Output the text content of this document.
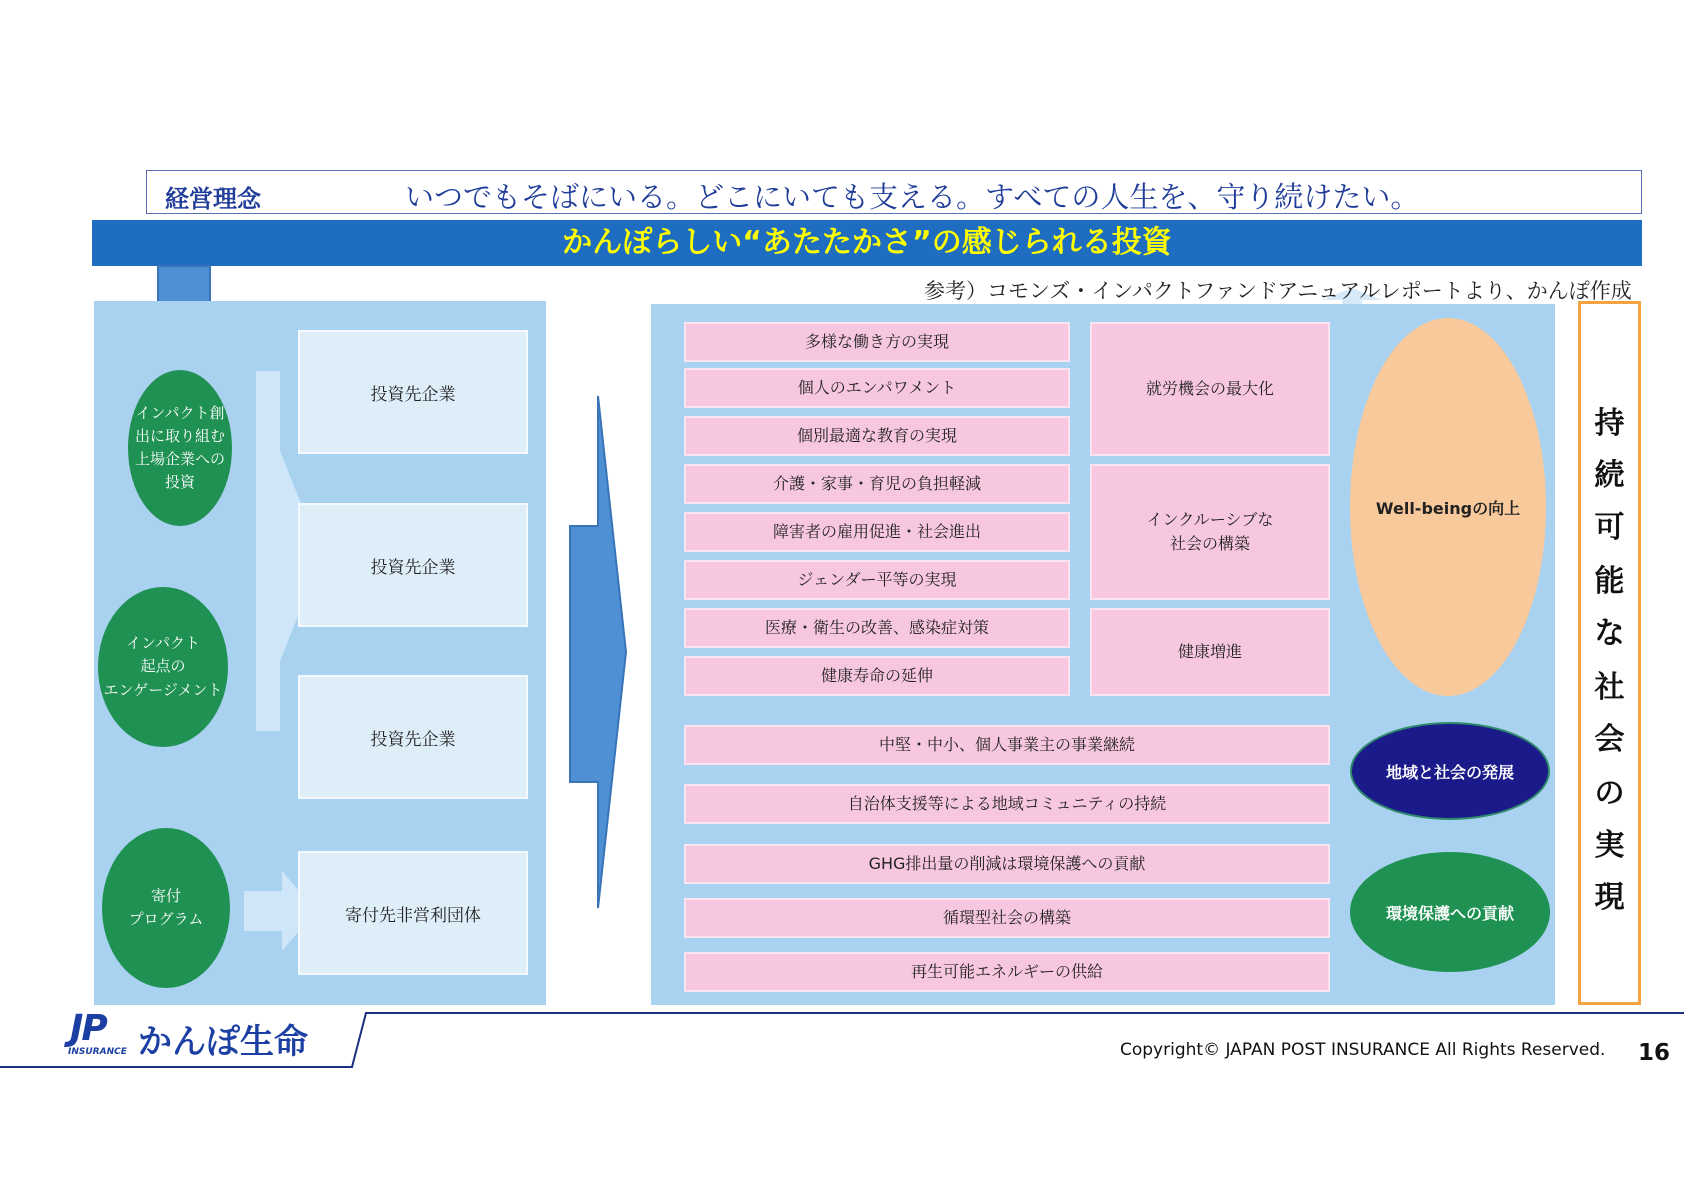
経営理念	いつでもそばにいる。どこにいても支える。すべての人生を、守り続けたい。
かんぽらしい“あたたかさ”の感じられる投資
インパクト創
出に取り組む
上場企業への
投資
インパクト
起点の
エンゲージメント
寄付
プログラム
投資先企業
投資先企業
投資先企業
寄付先非営利団体
多様な働き方の実現
個人のエンパワメント
個別最適な教育の実現
介護・家事・育児の負担軽減
障害者の雇用促進・社会進出
ジェンダー平等の実現
医療・衛生の改善、感染症対策
健康寿命の延伸
就労機会の最大化
インクルーシブな
社会の構築
健康増進
中堅・中小、個人事業主の事業継続
自治体支援等による地域コミュニティの持続
GHG排出量の削減は環境保護への貢献
循環型社会の構築
再生可能エネルギーの供給
Well-beingの向上
地域と社会の発展
環境保護への貢献
持
続
可
能
な
社
会
の
実
現
参考）コモンズ・インパクトファンドアニュアルレポートより、かんぽ作成
JP
INSURANCE かんぽ生命	Copyright© JAPAN POST INSURANCE All Rights Reserved. 16
